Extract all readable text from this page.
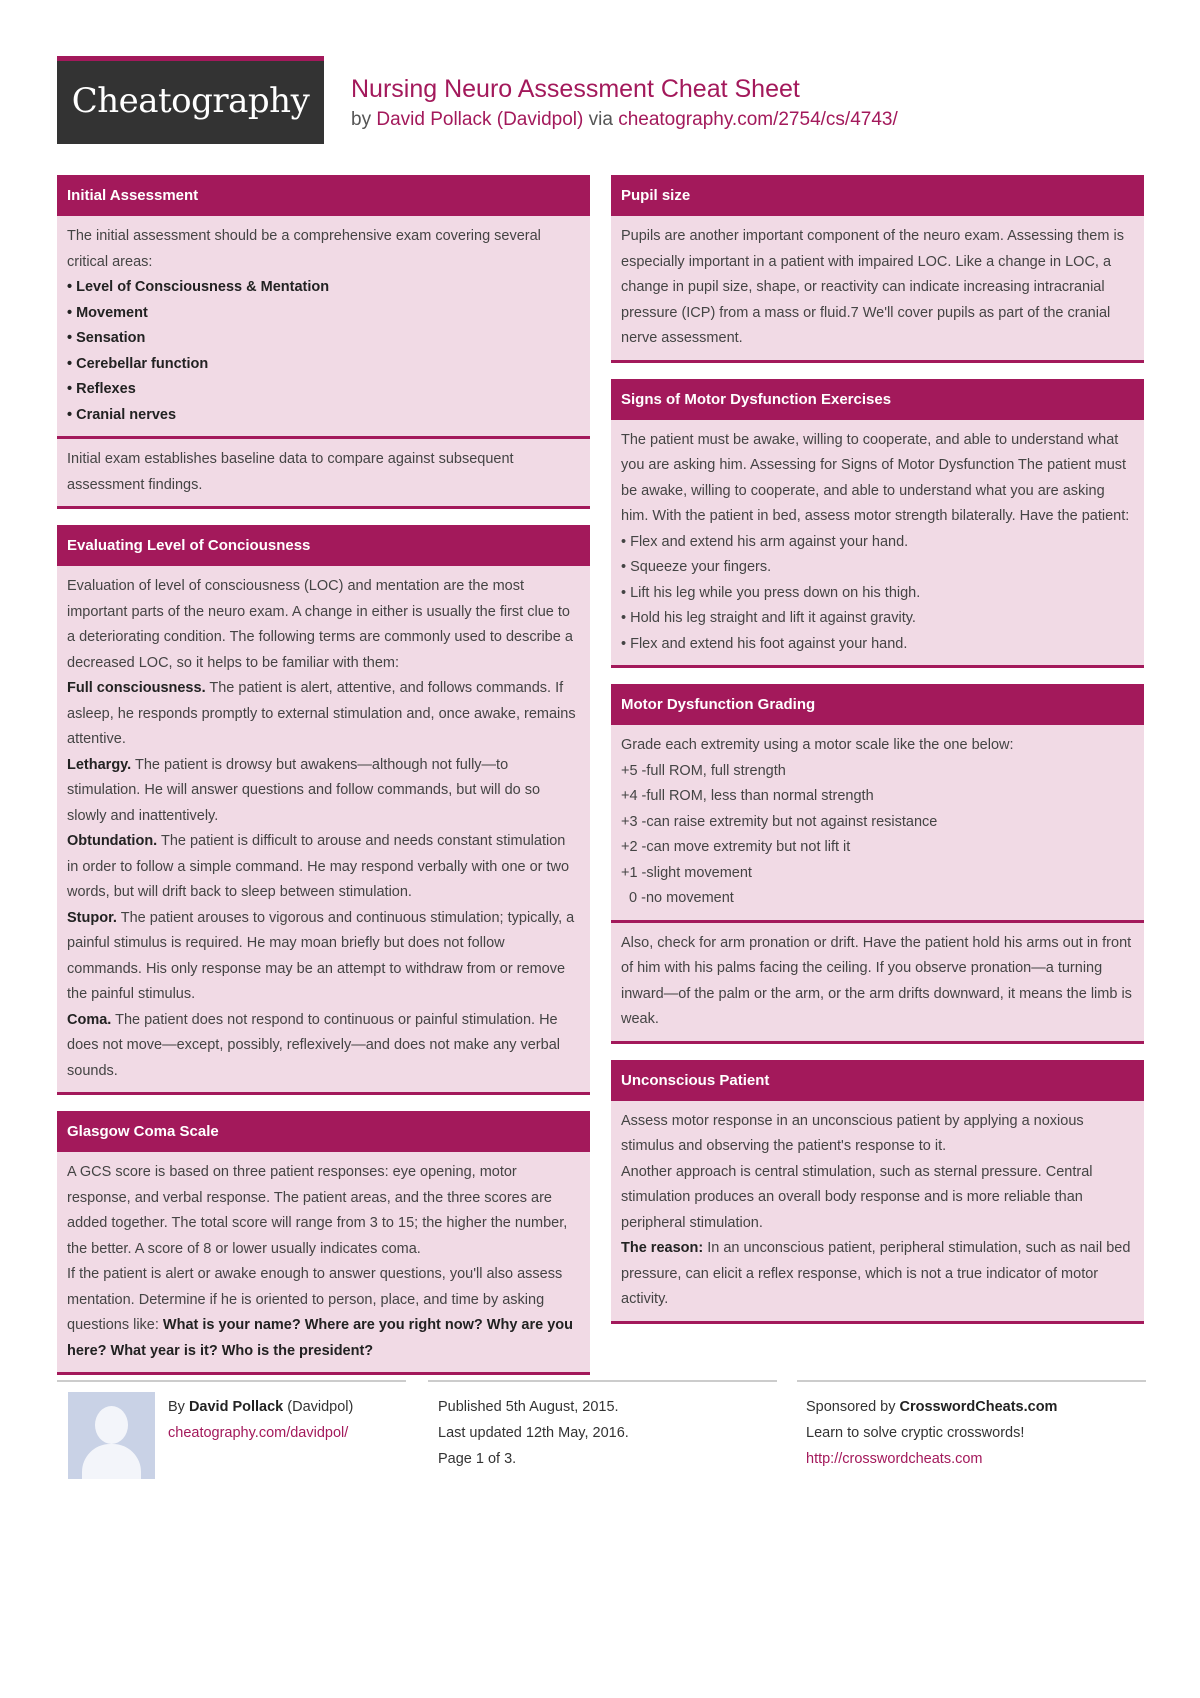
Cheatography	Nursing Neuro Assessment Cheat Sheet
by David Pollack (Davidpol) via cheatography.com/2754/cs/4743/
Initial Assessment

The initial assessment should be a comprehensive exam covering several critical areas:

• Level of Consciousness & Mentation

• Movement

• Sensation

• Cerebellar function

• Reflexes

• Cranial nerves

Initial exam establishes baseline data to compare against subsequent assessment findings.

Evaluating Level of Conciousness

Evaluation of level of consciousness (LOC) and mentation are the most important parts of the neuro exam. A change in either is usually the first clue to a deteriorating condition. The following terms are commonly used to describe a decreased LOC, so it helps to be familiar with them:

Full consciousness. The patient is alert, attentive, and follows commands. If asleep, he responds promptly to external stimulation and, once awake, remains attentive.

Lethargy. The patient is drowsy but awakens—although not fully—to stimulation. He will answer questions and follow commands, but will do so slowly and inattentively.

Obtundation. The patient is difficult to arouse and needs constant stimulation in order to follow a simple command. He may respond verbally with one or two words, but will drift back to sleep between stimulation.

Stupor. The patient arouses to vigorous and continuous stimulation; typically, a painful stimulus is required. He may moan briefly but does not follow commands. His only response may be an attempt to withdraw from or remove the painful stimulus.

Coma. The patient does not respond to continuous or painful stimulation. He does not move—except, possibly, reflexively—and does not make any verbal sounds.

Glasgow Coma Scale

A GCS score is based on three patient responses: eye opening, motor response, and verbal response. The patient areas, and the three scores are added together. The total score will range from 3 to 15; the higher the number, the better. A score of 8 or lower usually indicates coma.

If the patient is alert or awake enough to answer questions, you'll also assess mentation. Determine if he is oriented to person, place, and time by asking questions like: What is your name? Where are you right now? Why are you here? What year is it? Who is the president?

Pupil size

Pupils are another important component of the neuro exam. Assessing them is especially important in a patient with impaired LOC. Like a change in LOC, a change in pupil size, shape, or reactivity can indicate increasing intracranial pressure (ICP) from a mass or fluid.7 We'll cover pupils as part of the cranial nerve assessment.

Signs of Motor Dysfunction Exercises

The patient must be awake, willing to cooperate, and able to understand what you are asking him. Assessing for Signs of Motor Dysfunction The patient must be awake, willing to cooperate, and able to understand what you are asking him. With the patient in bed, assess motor strength bilaterally. Have the patient:

• Flex and extend his arm against your hand.

• Squeeze your fingers.

• Lift his leg while you press down on his thigh.

• Hold his leg straight and lift it against gravity.

• Flex and extend his foot against your hand.

Motor Dysfunction Grading

Grade each extremity using a motor scale like the one below:

+5 -full ROM, full strength

+4 -full ROM, less than normal strength

+3 -can raise extremity but not against resistance

+2 -can move extremity but not lift it

+1 -slight movement

0 -no movement

Also, check for arm pronation or drift. Have the patient hold his arms out in front of him with his palms facing the ceiling. If you observe pronation—a turning inward—of the palm or the arm, or the arm drifts downward, it means the limb is weak.

Unconscious Patient

Assess motor response in an unconscious patient by applying a noxious stimulus and observing the patient's response to it.

Another approach is central stimulation, such as sternal pressure. Central stimulation produces an overall body response and is more reliable than peripheral stimulation.

The reason: In an unconscious patient, peripheral stimulation, such as nail bed pressure, can elicit a reflex response, which is not a true indicator of motor activity.

By David Pollack (Davidpol)
cheatography.com/davidpol/
Published 5th August, 2015.
Last updated 12th May, 2016.
Page 1 of 3.
Sponsored by CrosswordCheats.com
Learn to solve cryptic crosswords!
http://crosswordcheats.com
